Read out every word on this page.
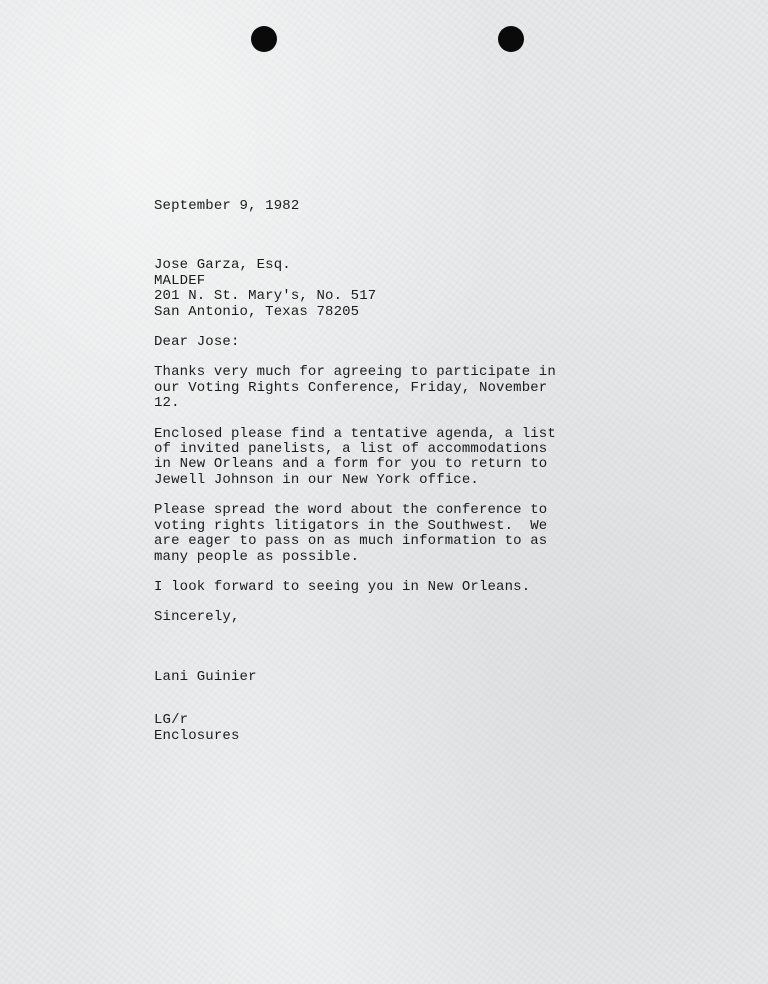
September 9, 1982
Jose Garza, Esq.
MALDEF
201 N. St. Mary's, No. 517
San Antonio, Texas 78205
Dear Jose:
Thanks very much for agreeing to participate in
our Voting Rights Conference, Friday, November
12.
Enclosed please find a tentative agenda, a list
of invited panelists, a list of accommodations
in New Orleans and a form for you to return to
Jewell Johnson in our New York office.
Please spread the word about the conference to
voting rights litigators in the Southwest.  We
are eager to pass on as much information to as
many people as possible.
I look forward to seeing you in New Orleans.
Sincerely,
Lani Guinier
LG/r
Enclosures
